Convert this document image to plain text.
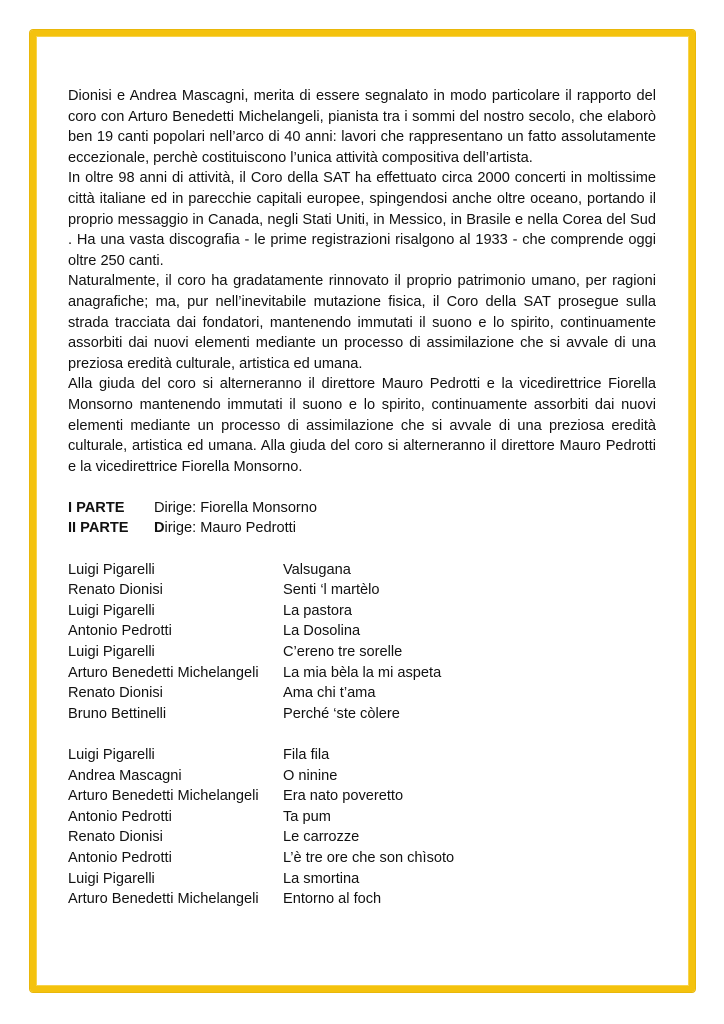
Dionisi e Andrea Mascagni, merita di essere segnalato in modo particolare il rapporto del coro con Arturo Benedetti Michelangeli, pianista tra i sommi del nostro secolo, che elaborò ben 19 canti popolari nell’arco di 40 anni: lavori che rappresentano un fatto assolutamente eccezionale, perchè costituiscono l’unica attività compositiva dell’artista.

In oltre 98 anni di attività, il Coro della SAT ha effettuato circa 2000 concerti in moltissime città italiane ed in parecchie capitali europee, spingendosi anche oltre oceano, portando il proprio messaggio in Canada, negli Stati Uniti, in Messico, in Brasile e nella Corea del Sud . Ha una vasta discografia - le prime registrazioni risalgono al 1933 - che comprende oggi oltre 250 canti.

Naturalmente, il coro ha gradatamente rinnovato il proprio patrimonio umano, per ragioni anagrafiche; ma, pur nell’inevitabile mutazione fisica, il Coro della SAT prosegue sulla strada tracciata dai fondatori, mantenendo immutati il suono e lo spirito, continuamente assorbiti dai nuovi elementi mediante un processo di assimilazione che si avvale di una preziosa eredità culturale, artistica ed umana.

Alla giuda del coro si alterneranno il direttore Mauro Pedrotti e la vicedirettrice Fiorella Monsorno mantenendo immutati il suono e lo spirito, continuamente assorbiti dai nuovi elementi mediante un processo di assimilazione che si avvale di una preziosa eredità culturale, artistica ed umana. Alla giuda del coro si alterneranno il direttore Mauro Pedrotti e la vicedirettrice Fiorella Monsorno.

I PARTE	Dirige: Fiorella Monsorno
II PARTE	Dirige: Mauro Pedrotti
Luigi Pigarelli	Valsugana
Renato Dionisi	Senti ‘l martèlo
Luigi Pigarelli	La pastora
Antonio Pedrotti	La Dosolina
Luigi Pigarelli	C’ereno tre sorelle
Arturo Benedetti Michelangeli	La mia bèla la mi aspeta
Renato Dionisi	Ama chi t’ama
Bruno Bettinelli	Perché ‘ste còlere
Luigi Pigarelli	Fila fila
Andrea Mascagni	O ninine
Arturo Benedetti Michelangeli	Era nato poveretto
Antonio Pedrotti	Ta pum
Renato Dionisi	Le carrozze
Antonio Pedrotti	L’è tre ore che son chìsoto
Luigi Pigarelli	La smortina
Arturo Benedetti Michelangeli	Entorno al foch
